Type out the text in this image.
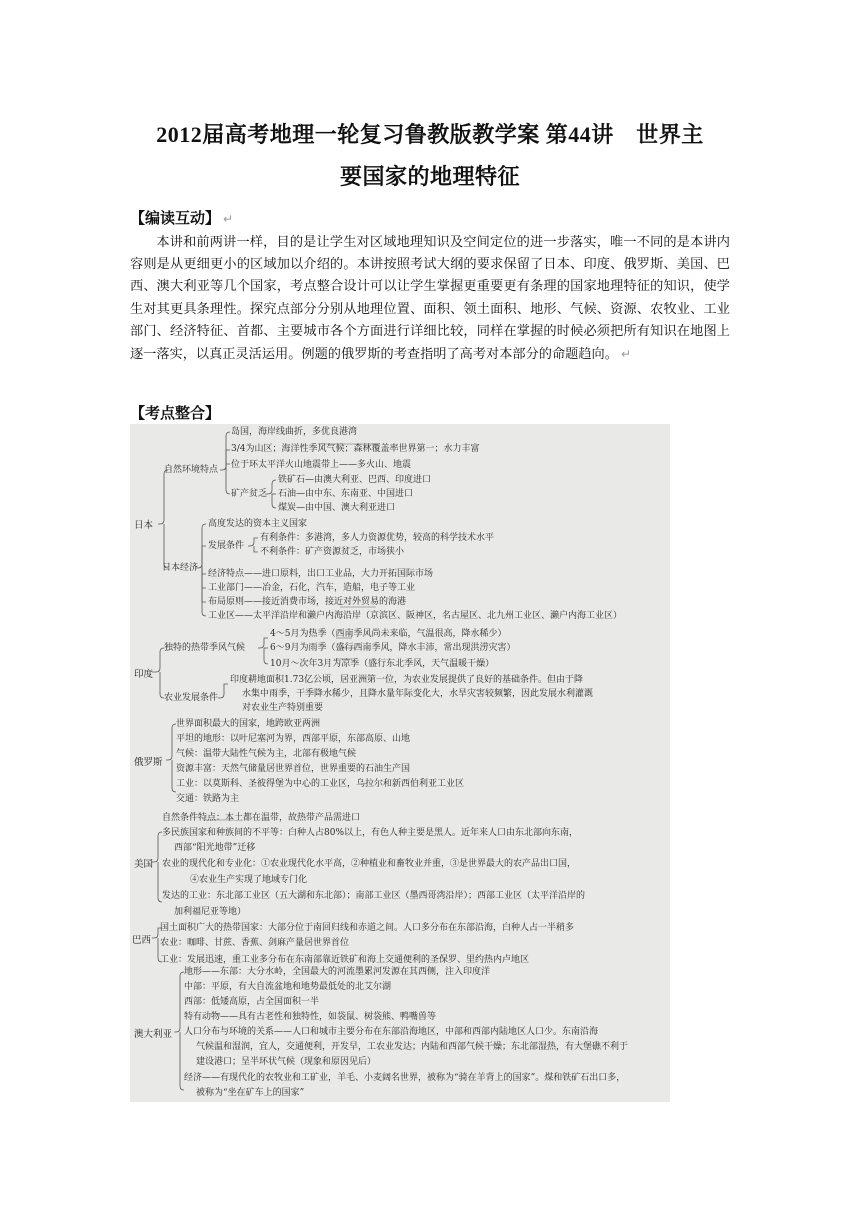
2012届高考地理一轮复习鲁教版教学案 第44讲　世界主
要国家的地理特征
【编读互动】 ↵
本讲和前两讲一样，目的是让学生对区域地理知识及空间定位的进一步落实，唯一不同的是本讲内容则是从更细更小的区域加以介绍的。本讲按照考试大纲的要求保留了日本、印度、俄罗斯、美国、巴西、澳大利亚等几个国家，考点整合设计可以让学生掌握更重要更有条理的国家地理特征的知识，使学生对其更具条理性。探究点部分分别从地理位置、面积、领土面积、地形、气候、资源、农牧业、工业部门、经济特征、首都、主要城市各个方面进行详细比较，同样在掌握的时候必须把所有知识在地图上逐一落实，以真正灵活运用。例题的俄罗斯的考查指明了高考对本部分的命题趋向。 ↵
【考点整合】
日本
自然环境特点
岛国，海岸线曲折，多优良港湾
3/4为山区；海洋性季风气候；森林覆盖率世界第一；水力丰富
位于环太平洋火山地震带上——多火山、地震
矿产贫乏
铁矿石—由澳大利亚、巴西、印度进口
石油—由中东、东南亚、中国进口
煤炭—由中国、澳大利亚进口
日本经济
高度发达的资本主义国家
发展条件
有利条件：多港湾，多人力资源优势，较高的科学技术水平
不利条件：矿产资源贫乏，市场狭小
经济特点——进口原料，出口工业品，大力开拓国际市场
工业部门——冶金，石化，汽车，造船，电子等工业
布局原则——接近消费市场，接近对外贸易的海港
工业区——太平洋沿岸和濑户内海沿岸（京滨区、阪神区，名古屋区、北九州工业区、濑户内海工业区）
印度
独特的热带季风气候
4～5月为热季（西南季风尚未来临，气温很高，降水稀少）
6～9月为雨季（盛行西南季风，降水丰沛，常出现洪涝灾害）
10月～次年3月为凉季（盛行东北季风，天气温暖干燥）
农业发展条件
印度耕地面积1.73亿公顷，居亚洲第一位，为农业发展提供了良好的基础条件。但由于降
水集中雨季，干季降水稀少，且降水量年际变化大，水旱灾害较频繁，因此发展水利灌溉
对农业生产特别重要
俄罗斯
世界面积最大的国家，地跨欧亚两洲
平坦的地形：以叶尼塞河为界，西部平原，东部高原、山地
气候：温带大陆性气候为主，北部有极地气候
资源丰富：天然气储量居世界首位，世界重要的石油生产国
工业：以莫斯科、圣彼得堡为中心的工业区，乌拉尔和新西伯利亚工业区
交通：铁路为主
美国
自然条件特点：本土都在温带，故热带产品需进口
多民族国家和种族间的不平等：白种人占80%以上，有色人种主要是黑人。近年来人口由东北部向东南，
西部“阳光地带”迁移
农业的现代化和专业化：①农业现代化水平高，②种植业和畜牧业并重，③是世界最大的农产品出口国，
④农业生产实现了地域专门化
发达的工业：东北部工业区（五大湖和东北部）；南部工业区（墨西哥湾沿岸）；西部工业区（太平洋沿岸的
加利福尼亚等地）
巴西
国土面积广大的热带国家：大部分位于南回归线和赤道之间。人口多分布在东部沿海，白种人占一半稍多
农业：咖啡、甘蔗、香蕉、剑麻产量居世界首位
工业：发展迅速，重工业多分布在东南部靠近铁矿和海上交通便利的圣保罗、里约热内卢地区
澳大利亚
地形——东部：大分水岭，全国最大的河流墨累河发源在其西侧，注入印度洋
中部：平原，有大自流盆地和地势最低处的北艾尔湖
西部：低矮高原，占全国面积一半
特有动物——具有古老性和独特性，如袋鼠、树袋熊、鸭嘴兽等
人口分布与环境的关系——人口和城市主要分布在东部沿海地区，中部和西部内陆地区人口少。东南沿海
气候温和湿润，宜人，交通便利，开发早，工农业发达；内陆和西部气候干燥；东北部湿热，有大堡礁不利于
建设港口；呈半环状气候（现象和原因见后）
经济——有现代化的农牧业和工矿业，羊毛、小麦阔名世界，被称为“骑在羊背上的国家”。煤和铁矿石出口多，
被称为“坐在矿车上的国家”
